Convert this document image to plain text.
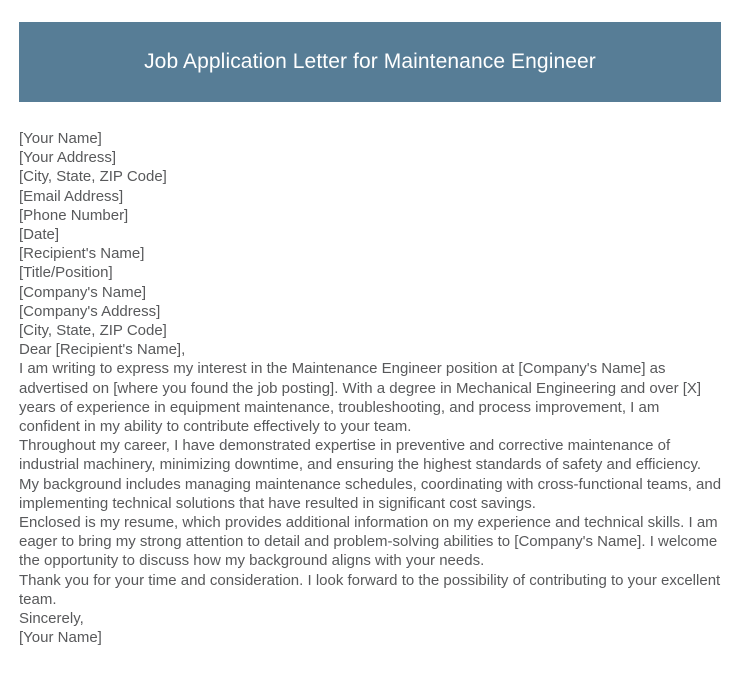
Job Application Letter for Maintenance Engineer
[Your Name]
[Your Address]
[City, State, ZIP Code]
[Email Address]
[Phone Number]
[Date]
[Recipient's Name]
[Title/Position]
[Company's Name]
[Company's Address]
[City, State, ZIP Code]
Dear [Recipient's Name],

I am writing to express my interest in the Maintenance Engineer position at [Company's Name] as advertised on [where you found the job posting]. With a degree in Mechanical Engineering and over [X] years of experience in equipment maintenance, troubleshooting, and process improvement, I am confident in my ability to contribute effectively to your team.

Throughout my career, I have demonstrated expertise in preventive and corrective maintenance of industrial machinery, minimizing downtime, and ensuring the highest standards of safety and efficiency. My background includes managing maintenance schedules, coordinating with cross-functional teams, and implementing technical solutions that have resulted in significant cost savings.

Enclosed is my resume, which provides additional information on my experience and technical skills. I am eager to bring my strong attention to detail and problem-solving abilities to [Company's Name]. I welcome the opportunity to discuss how my background aligns with your needs.

Thank you for your time and consideration. I look forward to the possibility of contributing to your excellent team.

Sincerely,
[Your Name]
